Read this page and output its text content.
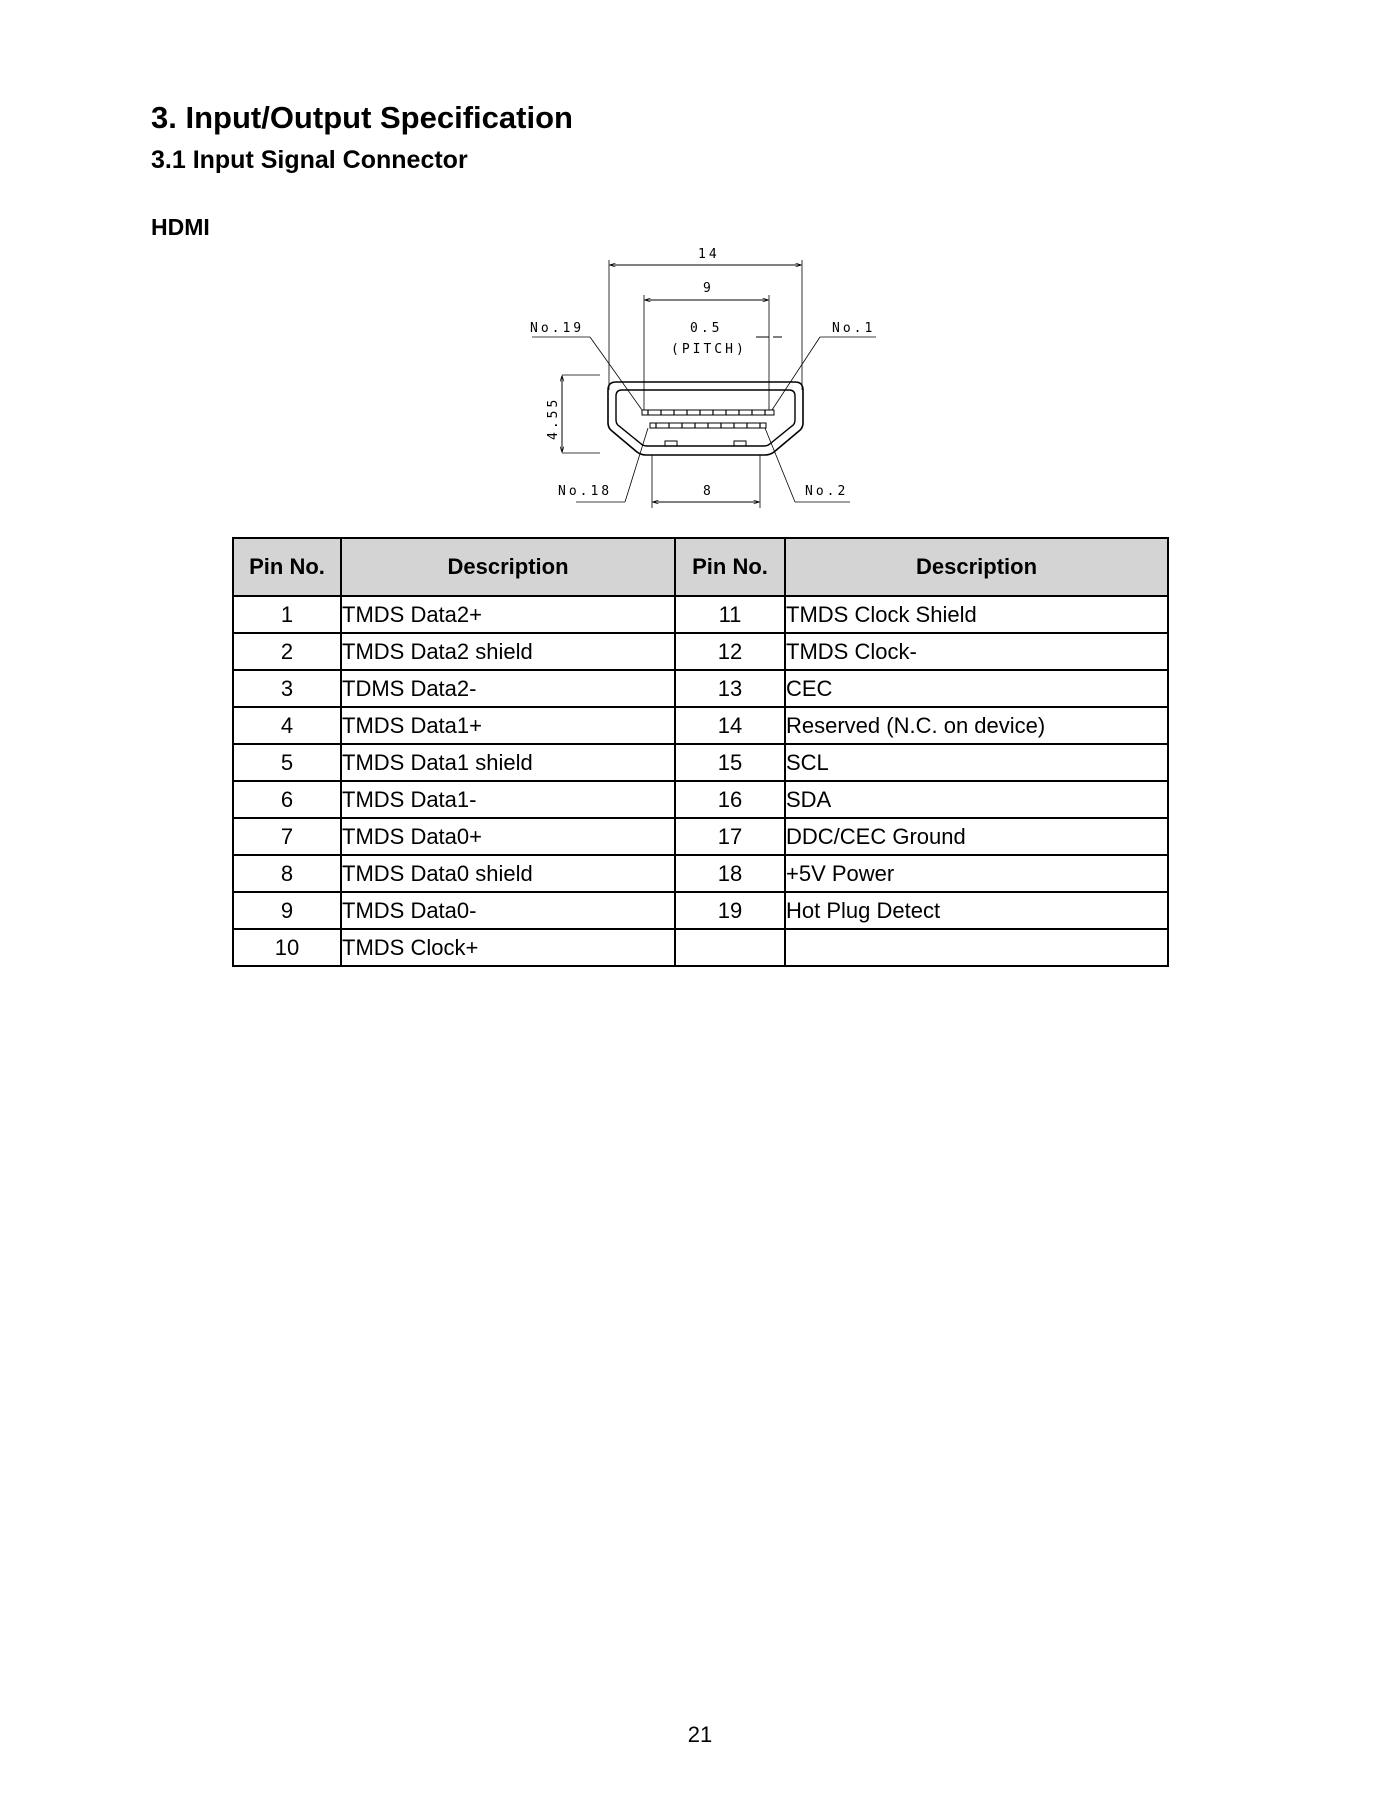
3. Input/Output Specification
3.1 Input Signal Connector
HDMI
14
9
0.5
(PITCH)
No.19	No.1
4.55
No.18	No.2
8
Pin No.	Description	Pin No.	Description
1	TMDS Data2+	11	TMDS Clock Shield
2	TMDS Data2 shield	12	TMDS Clock-
3	TDMS Data2-	13	CEC
4	TMDS Data1+	14	Reserved (N.C. on device)
5	TMDS Data1 shield	15	SCL
6	TMDS Data1-	16	SDA
7	TMDS Data0+	17	DDC/CEC Ground
8	TMDS Data0 shield	18	+5V Power
9	TMDS Data0-	19	Hot Plug Detect
10	TMDS Clock+		
21
